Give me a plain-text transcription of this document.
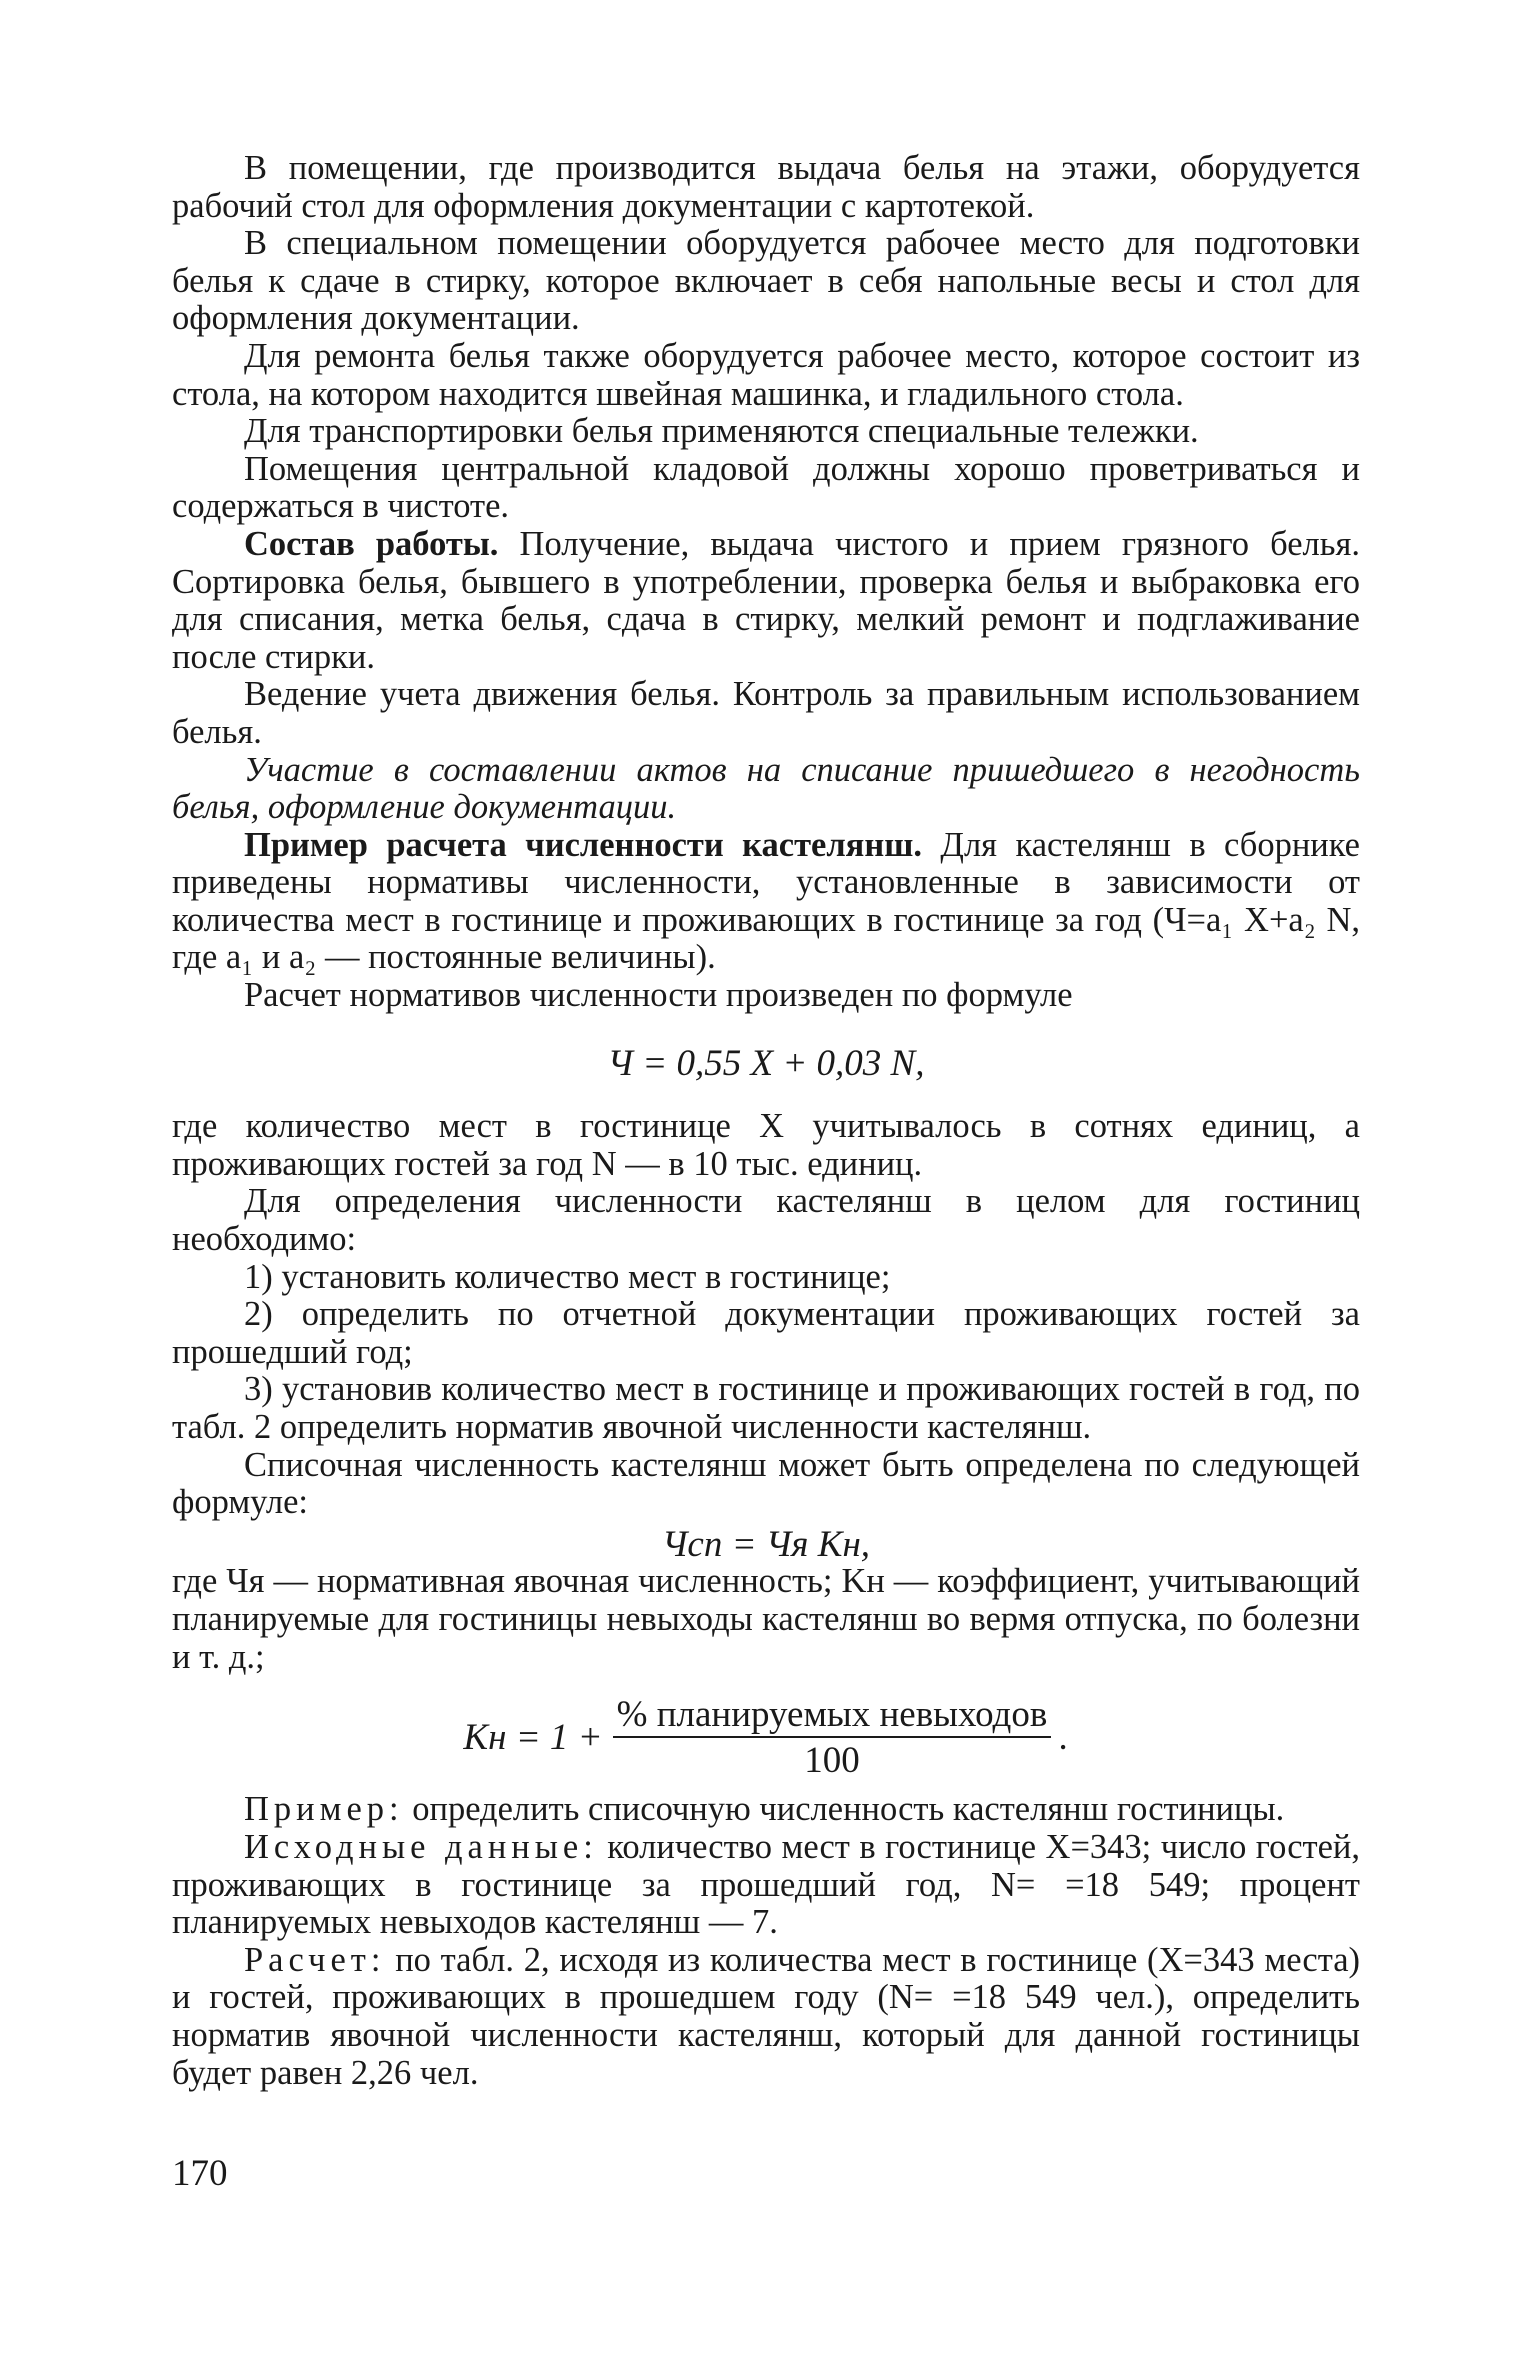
В помещении, где производится выдача белья на этажи, оборудуется рабочий стол для оформления документации с картотекой.

В специальном помещении оборудуется рабочее место для подготовки белья к сдаче в стирку, которое включает в себя напольные весы и стол для оформления документации.

Для ремонта белья также оборудуется рабочее место, которое состоит из стола, на котором находится швейная машинка, и гладильного стола.

Для транспортировки белья применяются специальные тележки.

Помещения центральной кладовой должны хорошо проветриваться и содержаться в чистоте.

Состав работы. Получение, выдача чистого и прием грязного белья. Сортировка белья, бывшего в употреблении, проверка белья и выбраковка его для списания, метка белья, сдача в стирку, мелкий ремонт и подглаживание после стирки.

Ведение учета движения белья. Контроль за правильным использованием белья.

Участие в составлении актов на списание пришедшего в негодность белья, оформление документации.

Пример расчета численности кастелянш. Для кастелянш в сборнике приведены нормативы численности, установленные в зависимости от количества мест в гостинице и проживающих в гостинице за год (Ч=a₁ X+a₂ N, где a₁ и a₂ — постоянные величины).

Расчет нормативов численности произведен по формуле

Ч = 0,55 X + 0,03 N,

где количество мест в гостинице X учитывалось в сотнях единиц, а проживающих гостей за год N — в 10 тыс. единиц.

Для определения численности кастелянш в целом для гостиниц необходимо:

1) установить количество мест в гостинице;

2) определить по отчетной документации проживающих гостей за прошедший год;

3) установив количество мест в гостинице и проживающих гостей в год, по табл. 2 определить норматив явочной численности кастелянш.

Списочная численность кастелянш может быть определена по следующей формуле:

Чсп = Чя Kн,

где Чя — нормативная явочная численность; Kн — коэффициент, учитывающий планируемые для гостиницы невыходы кастелянш во вермя отпуска, по болезни и т. д.;

Kн = $1 + \frac{\text{\% планируемых невыходов}}{100}$ .

Пример: определить списочную численность кастелянш гостиницы.

Исходные данные: количество мест в гостинице X=343; число гостей, проживающих в гостинице за прошедший год, N= =18 549; процент планируемых невыходов кастелянш — 7.

Расчет: по табл. 2, исходя из количества мест в гостинице (X=343 места) и гостей, проживающих в прошедшем году (N= =18 549 чел.), определить норматив явочной численности кастелянш, который для данной гостиницы будет равен 2,26 чел.

170
